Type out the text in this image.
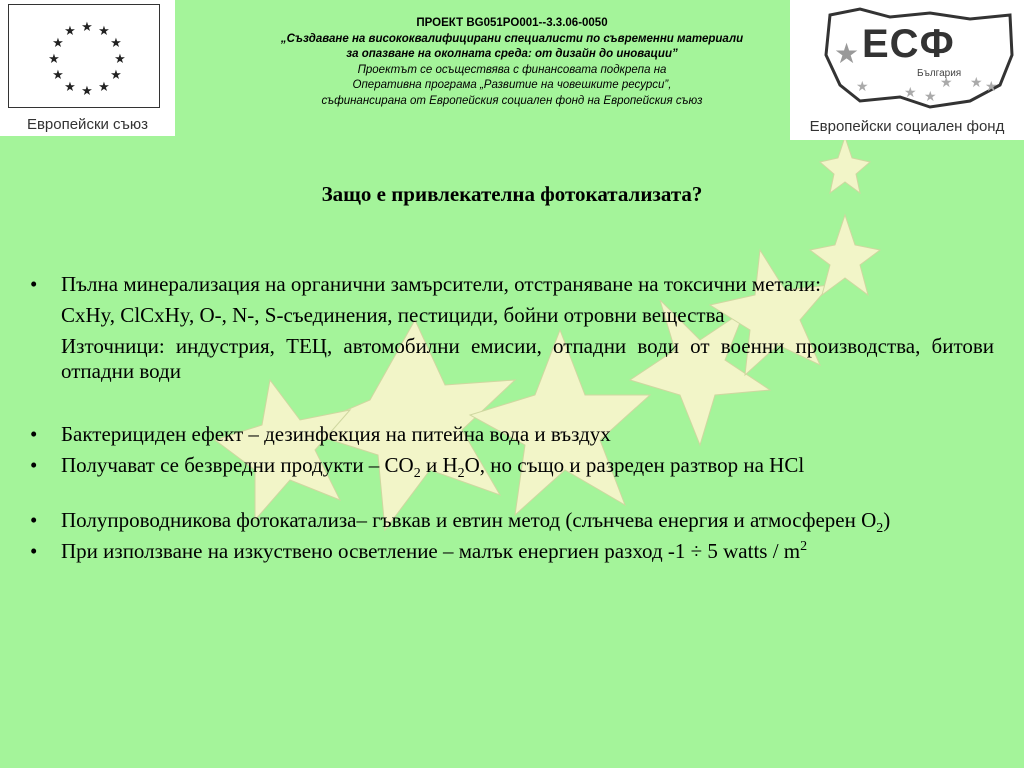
★ ★
★
★
★
★
★
★
★
★
★
★
Европейски съюз
★
★	★ ★
★ ★ ★
ЕСФ
България
Европейски социален фонд
ПРОЕКТ BG051PO001--3.3.06-0050
„Създаване на висококвалифицирани специалисти по съвременни материали
за опазване на околната среда: от дизайн до иновации”
Проектът се осъществява с финансовата подкрепа на
Оперативна програма „Развитие на човешките ресурси”,
съфинансирана от Европейския социален фонд на Европейския съюз
Защо е привлекателна фотокатализата?
• Пълна минерализация на органични замърсители, отстраняване на токсични метали:
CxHy, ClCxHy, O-, N-, S-съединения, пестициди, бойни отровни вещества
Източници: индустрия, ТЕЦ, автомобилни емисии, отпадни води от военни производства, битови отпадни води
• Бактерициден ефект – дезинфекция на питейна вода и въздух
• Получават се безвредни продукти – $CO_2$ и $H_2O$, но също и разреден разтвор на HCl
• Полупроводникова фотокатализа– гъвкав и евтин метод (слънчева енергия и атмосферен $O_2$)
• При използване на изкуствено осветление – малък енергиен разход -1 ÷ 5 watts / $m^2$
